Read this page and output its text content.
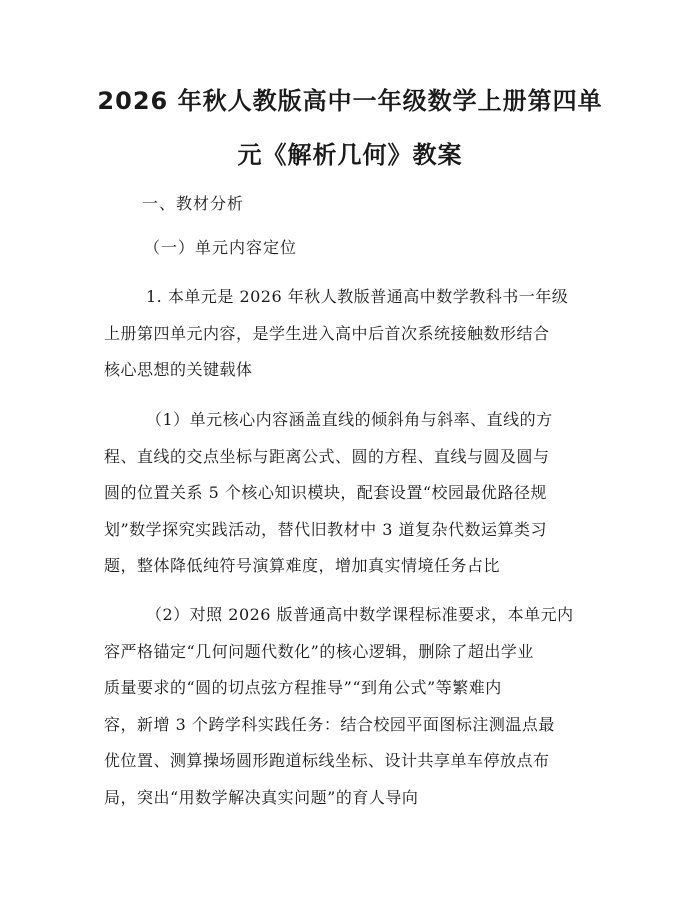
2026 年秋人教版高中一年级数学上册第四单
元《解析几何》教案

一、教材分析

（一）单元内容定位

1. 本单元是 2026 年秋人教版普通高中数学教科书一年级
上册第四单元内容，是学生进入高中后首次系统接触数形结合
核心思想的关键载体

（1）单元核心内容涵盖直线的倾斜角与斜率、直线的方
程、直线的交点坐标与距离公式、圆的方程、直线与圆及圆与
圆的位置关系 5 个核心知识模块，配套设置“校园最优路径规
划”数学探究实践活动，替代旧教材中 3 道复杂代数运算类习
题，整体降低纯符号演算难度，增加真实情境任务占比

（2）对照 2026 版普通高中数学课程标准要求，本单元内
容严格锚定“几何问题代数化”的核心逻辑，删除了超出学业
质量要求的“圆的切点弦方程推导”“到角公式”等繁难内
容，新增 3 个跨学科实践任务：结合校园平面图标注测温点最
优位置、测算操场圆形跑道标线坐标、设计共享单车停放点布
局，突出“用数学解决真实问题”的育人导向
